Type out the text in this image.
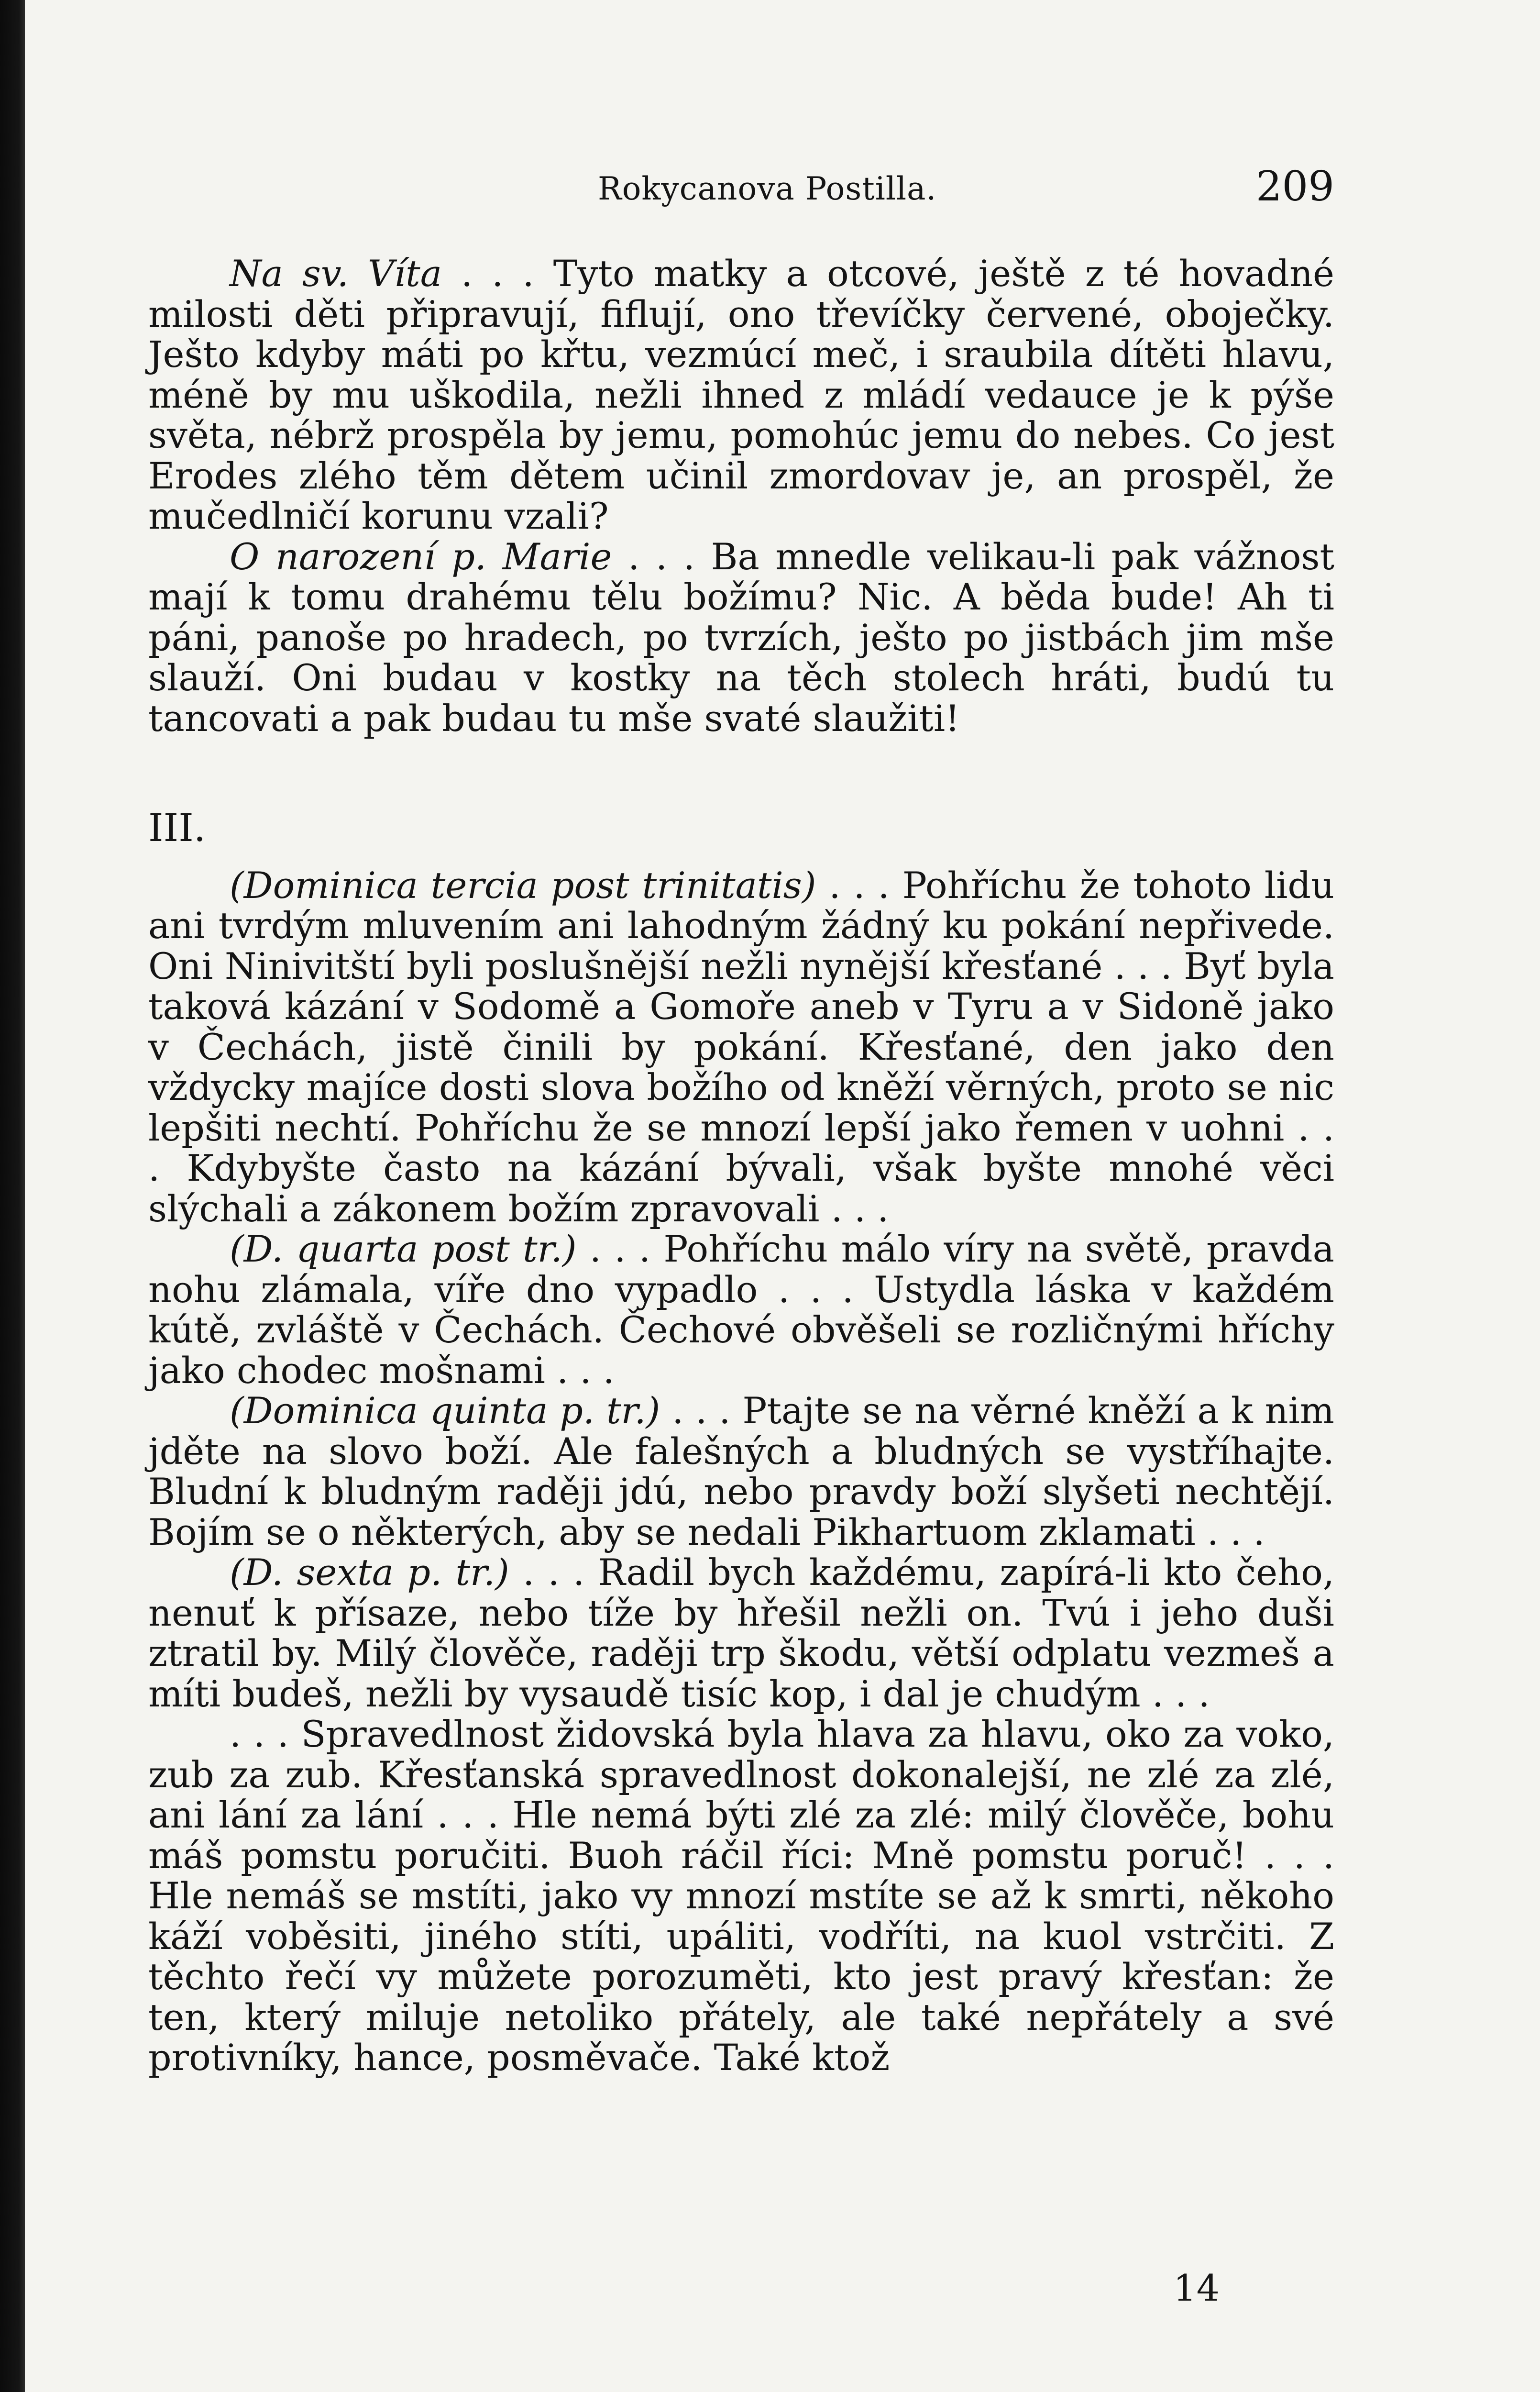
Rokycanova Postilla.	209

Na sv. Víta . . . Tyto matky a otcové, ještě z té hovadné milosti děti připravují, fiflují, ono třevíčky červené, oboječky. Ješto kdyby máti po křtu, vezmúcí meč, i sraubila dítěti hlavu, méně by mu uškodila, nežli ihned z mládí vedauce je k pýše světa, nébrž prospěla by jemu, pomohúc jemu do nebes. Co jest Erodes zlého těm dětem učinil zmordovav je, an prospěl, že mučedlničí korunu vzali?

O narození p. Marie . . . Ba mnedle velikau-li pak vážnost mají k tomu drahému tělu božímu? Nic. A běda bude! Ah ti páni, panoše po hradech, po tvrzích, ješto po jistbách jim mše slauží. Oni budau v kostky na těch stolech hráti, budú tu tancovati a pak budau tu mše svaté slaužiti!

III.

(Dominica tercia post trinitatis) . . . Pohříchu že tohoto lidu ani tvrdým mluvením ani lahodným žádný ku pokání nepřivede. Oni Ninivitští byli poslušnější nežli nynější křesťané . . . Byť byla taková kázání v Sodomě a Gomoře aneb v Tyru a v Sidoně jako v Čechách, jistě činili by pokání. Křesťané, den jako den vždycky majíce dosti slova božího od kněží věrných, proto se nic lepšiti nechtí. Pohříchu že se mnozí lepší jako řemen v uohni . . . Kdybyšte často na kázání bývali, však byšte mnohé věci slýchali a zákonem božím zpravovali . . .

(D. quarta post tr.) . . . Pohříchu málo víry na světě, pravda nohu zlámala, víře dno vypadlo . . . Ustydla láska v každém kútě, zvláště v Čechách. Čechové obvěšeli se rozličnými hříchy jako chodec mošnami . . .

(Dominica quinta p. tr.) . . . Ptajte se na věrné kněží a k nim jděte na slovo boží. Ale falešných a bludných se vystříhajte. Bludní k bludným raději jdú, nebo pravdy boží slyšeti nechtějí. Bojím se o některých, aby se nedali Pikhartuom zklamati . . .

(D. sexta p. tr.) . . . Radil bych každému, zapírá-li kto čeho, nenuť k přísaze, nebo tíže by hřešil nežli on. Tvú i jeho duši ztratil by. Milý člověče, raději trp škodu, větší odplatu vezmeš a míti budeš, nežli by vysaudě tisíc kop, i dal je chudým . . .

. . . Spravedlnost židovská byla hlava za hlavu, oko za voko, zub za zub. Křesťanská spravedlnost dokonalejší, ne zlé za zlé, ani lání za lání . . . Hle nemá býti zlé za zlé: milý člověče, bohu máš pomstu poručiti. Buoh ráčil říci: Mně pomstu poruč! . . . Hle nemáš se mstíti, jako vy mnozí mstíte se až k smrti, někoho káží voběsiti, jiného stíti, upáliti, vodříti, na kuol vstrčiti. Z těchto řečí vy můžete porozuměti, kto jest pravý křesťan: že ten, který miluje netoliko přátely, ale také nepřátely a své protivníky, hance, posměvače. Také ktož

14
